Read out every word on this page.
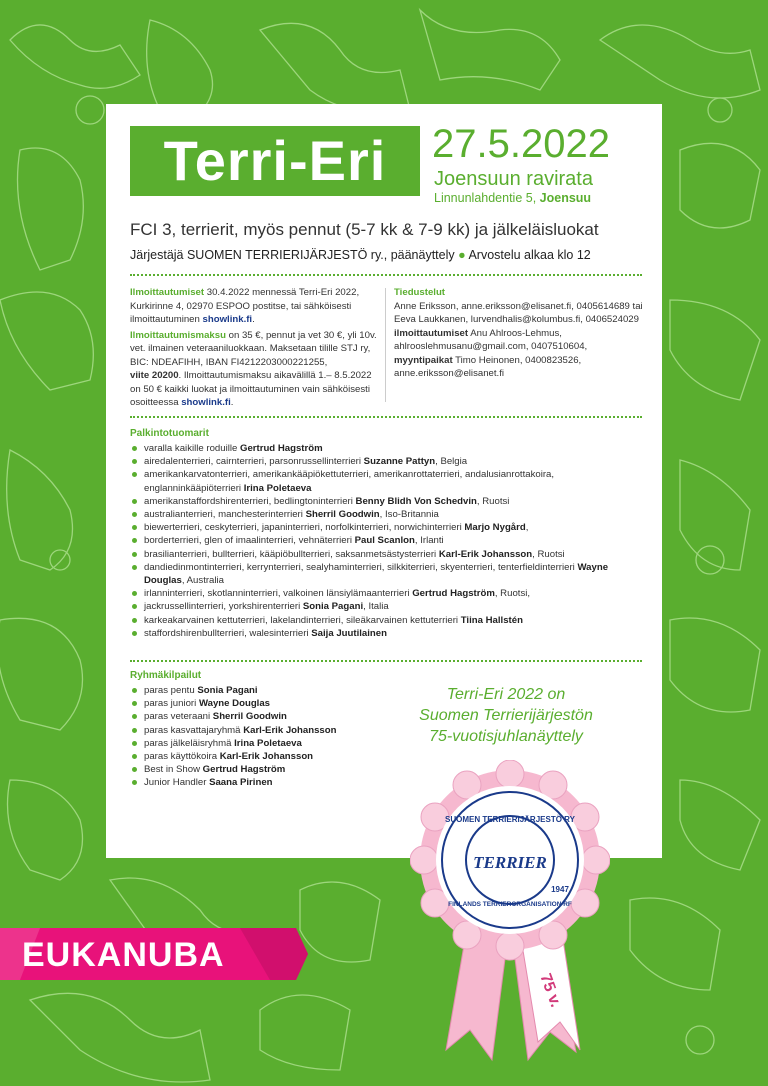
Terri-Eri	27.5.2022
Joensuun ravirata
Linnunlahdentie 5, Joensuu
FCI 3, terrierit, myös pennut (5-7 kk & 7-9 kk) ja jälkeläisluokat
Järjestäjä SUOMEN TERRIERIJÄRJESTÖ ry., päänäyttely ● Arvostelu alkaa klo 12
Ilmoittautumiset 30.4.2022 mennessä Terri-Eri 2022, Kurkirinne 4, 02970 ESPOO postitse, tai sähköisesti ilmoittautuminen showlink.fi.
Ilmoittautumismaksu on 35 €, pennut ja vet 30 €, yli 10v. vet. ilmainen veteraaniluokkaan. Maksetaan tilille STJ ry, BIC: NDEAFIHH, IBAN FI4212203000221255,
viite 20200. Ilmoittautumismaksu aikavälillä 1.– 8.5.2022 on 50 € kaikki luokat ja ilmoittautuminen vain sähköisesti osoitteessa showlink.fi.
Tiedustelut
Anne Eriksson, anne.eriksson@elisanet.fi, 0405614689 tai Eeva Laukkanen, lurvendhalis@kolumbus.fi, 0406524029
ilmoittautumiset Anu Ahlroos-Lehmus, ahlrooslehmusanu@gmail.com, 0407510604,
myyntipaikat Timo Heinonen, 0400823526, anne.eriksson@elisanet.fi
Palkintotuomarit
varalla kaikille roduille Gertrud Hagström
airedalenterrieri, cairnterrieri, parsonrussellinterrieri Suzanne Pattyn, Belgia
amerikankarvatonterrieri, amerikankääpiökettuterrieri, amerikanrottaterrieri, andalusianrottakoira, englanninkääpiöterrieri Irina Poletaeva
amerikanstaffordshirenterrieri, bedlingtoninterrieri Benny Blidh Von Schedvin, Ruotsi
australianterrieri, manchesterinterrieri Sherril Goodwin, Iso-Britannia
biewerterrieri, ceskyterrieri, japaninterrieri, norfolkinterrieri, norwichinterrieri Marjo Nygård,
borderterrieri, glen of imaalinterrieri, vehnäterrieri Paul Scanlon, Irlanti
brasilianterrieri, bullterrieri, kääpiöbullterrieri, saksanmetsästysterrieri Karl-Erik Johansson, Ruotsi
dandiedinmontinterrieri, kerrynterrieri, sealyhaminterrieri, silkkiterrieri, skyenterrieri, tenterfieldinterrieri Wayne Douglas, Australia
irlanninterrieri, skotlanninterrieri, valkoinen länsiylämaanterrieri Gertrud Hagström, Ruotsi,
jackrussellinterrieri, yorkshirenterrieri Sonia Pagani, Italia
karkeakarvainen kettuterrieri, lakelandinterrieri, sileäkarvainen kettuterrieri Tiina Hallstén
staffordshirenbullterrieri, walesinterrieri Saija Juutilainen
Ryhmäkilpailut
paras pentu Sonia Pagani
paras juniori Wayne Douglas
paras veteraani Sherril Goodwin
paras kasvattajaryhmä Karl-Erik Johansson
paras jälkeläisryhmä Irina Poletaeva
paras käyttökoira Karl-Erik Johansson
Best in Show Gertrud Hagström
Junior Handler Saana Pirinen
Terri-Eri 2022 on
Suomen Terrierijärjestön
75-vuotisjuhlanäyttely
EUKANUBA
SUOMEN TERRIERIJÄRJESTÖ RY
FINLANDS TERRIERORGANISATION RF
1947
TERRIER
75 v.
